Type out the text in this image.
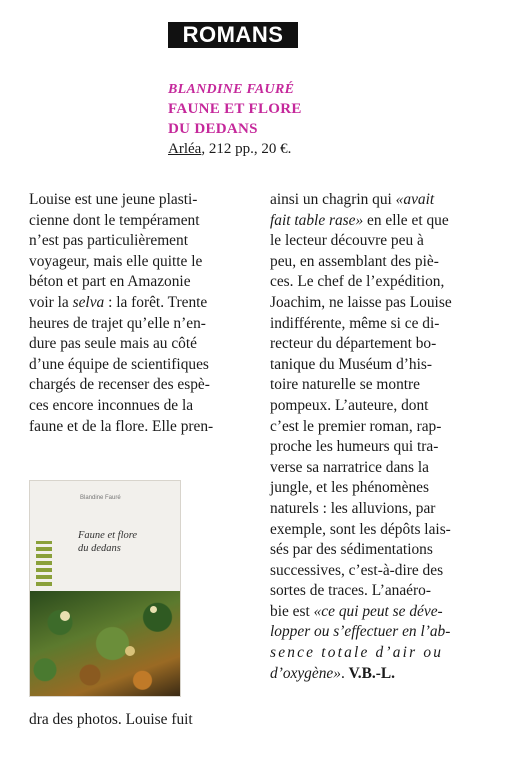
ROMANS
BLANDINE FAURÉ
FAUNE ET FLORE
DU DEDANS
Arléa, 212 pp., 20 €.
Louise est une jeune plasti-
cienne dont le tempérament
n’est pas particulièrement
voyageur, mais elle quitte le
béton et part en Amazonie
voir la selva : la forêt. Trente
heures de trajet qu’elle n’en-
dure pas seule mais au côté
d’une équipe de scientifiques
chargés de recenser des espè-
ces encore inconnues de la
faune et de la flore. Elle pren-
Blandine Fauré
Faune et flore
du dedans
dra des photos. Louise fuit
ainsi un chagrin qui «avait
fait table rase» en elle et que
le lecteur découvre peu à
peu, en assemblant des piè-
ces. Le chef de l’expédition,
Joachim, ne laisse pas Louise
indifférente, même si ce di-
recteur du département bo-
tanique du Muséum d’his-
toire naturelle se montre
pompeux. L’auteure, dont
c’est le premier roman, rap-
proche les humeurs qui tra-
verse sa narratrice dans la
jungle, et les phénomènes
naturels : les alluvions, par
exemple, sont les dépôts lais-
sés par des sédimentations
successives, c’est-à-dire des
sortes de traces. L’anaéro-
bie est «ce qui peut se déve-
lopper ou s’effectuer en l’ab-
sence totale d’air ou
d’oxygène». V.B.-L.
